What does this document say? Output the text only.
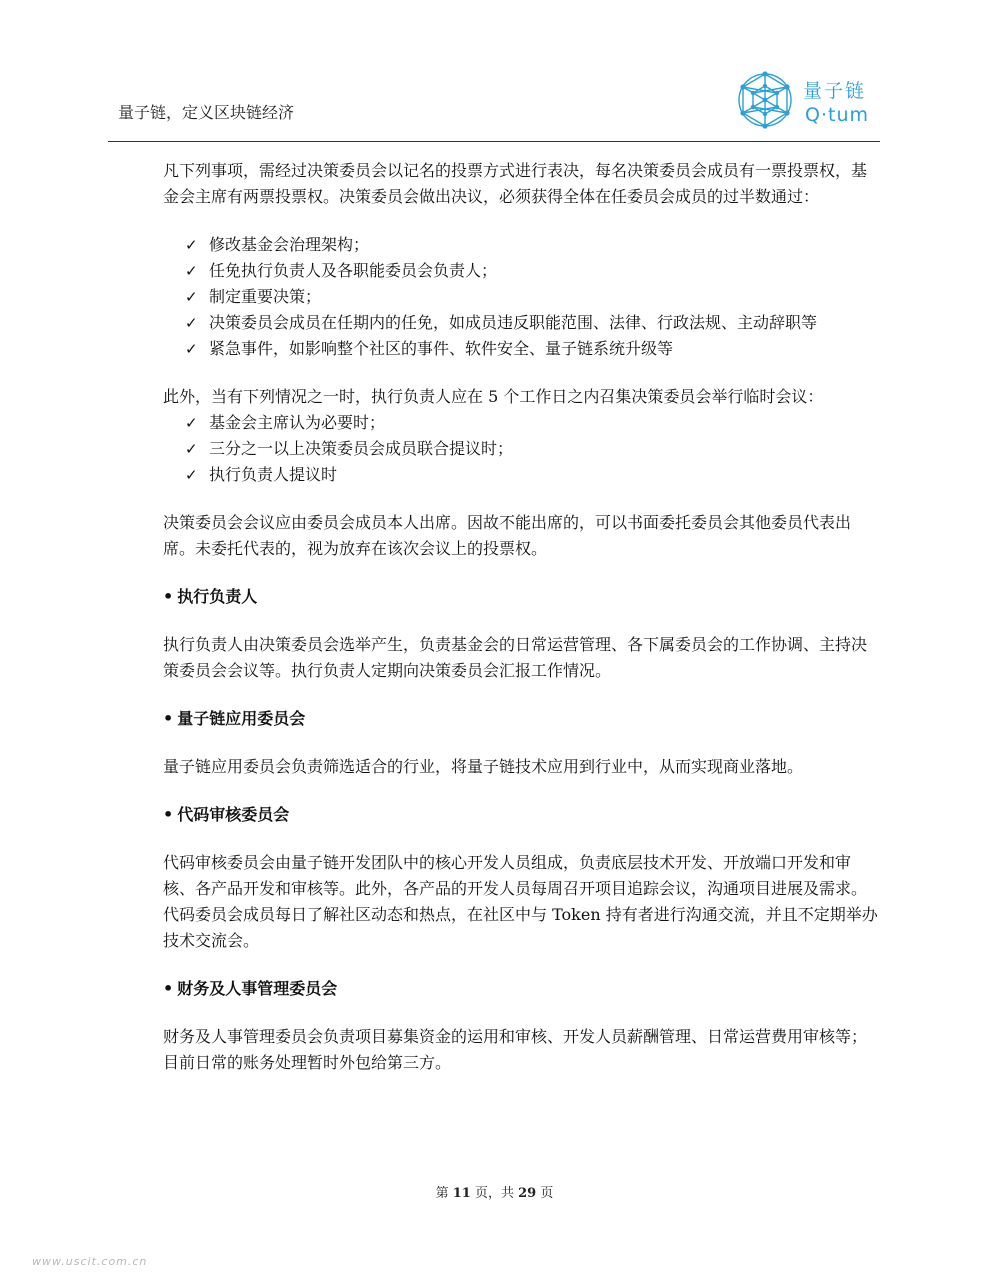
量子链，定义区块链经济
量子链
Q·tum

凡下列事项，需经过决策委员会以记名的投票方式进行表决，每名决策委员会成员有一票投票权，基金会主席有两票投票权。决策委员会做出决议，必须获得全体在任委员会成员的过半数通过：

✓ 修改基金会治理架构；
✓ 任免执行负责人及各职能委员会负责人；
✓ 制定重要决策；
✓ 决策委员会成员在任期内的任免，如成员违反职能范围、法律、行政法规、主动辞职等
✓ 紧急事件，如影响整个社区的事件、软件安全、量子链系统升级等

此外，当有下列情况之一时，执行负责人应在 5 个工作日之内召集决策委员会举行临时会议：

✓ 基金会主席认为必要时；
✓ 三分之一以上决策委员会成员联合提议时；
✓ 执行负责人提议时

决策委员会会议应由委员会成员本人出席。因故不能出席的，可以书面委托委员会其他委员代表出席。未委托代表的，视为放弃在该次会议上的投票权。

• 执行负责人

执行负责人由决策委员会选举产生，负责基金会的日常运营管理、各下属委员会的工作协调、主持决策委员会会议等。执行负责人定期向决策委员会汇报工作情况。

• 量子链应用委员会

量子链应用委员会负责筛选适合的行业，将量子链技术应用到行业中，从而实现商业落地。

• 代码审核委员会

代码审核委员会由量子链开发团队中的核心开发人员组成，负责底层技术开发、开放端口开发和审核、各产品开发和审核等。此外，各产品的开发人员每周召开项目追踪会议，沟通项目进展及需求。代码委员会成员每日了解社区动态和热点，在社区中与 Token 持有者进行沟通交流，并且不定期举办技术交流会。

• 财务及人事管理委员会

财务及人事管理委员会负责项目募集资金的运用和审核、开发人员薪酬管理、日常运营费用审核等；目前日常的账务处理暂时外包给第三方。

第 11 页，共 29 页
www.uscit.com.cn
